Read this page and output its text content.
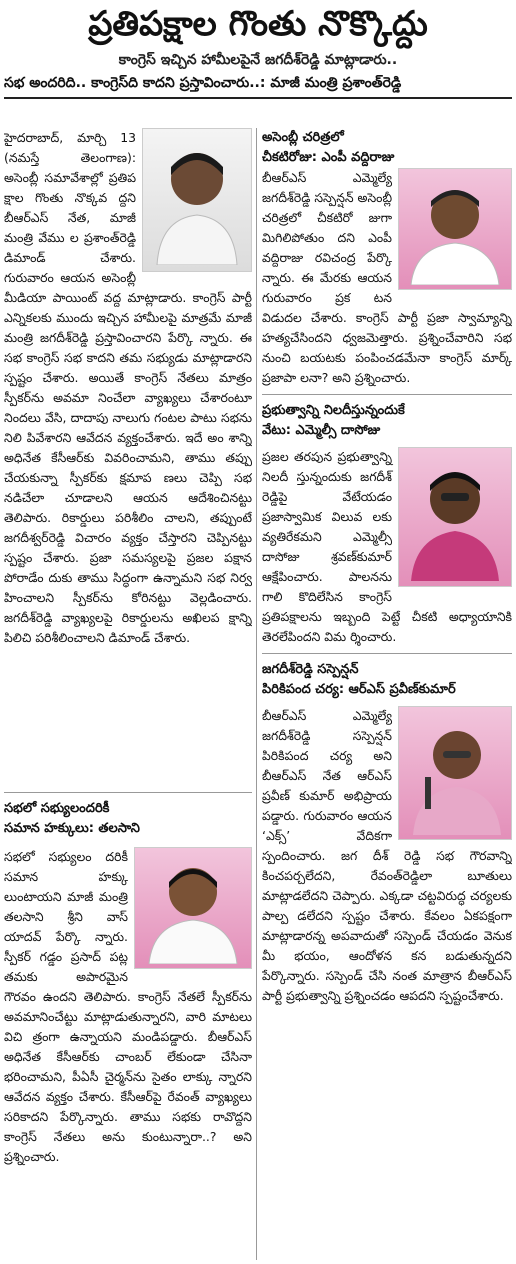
ప్రతిపక్షాల గొంతు నొక్కొద్దు
కాంగ్రెస్ ఇచ్చిన హామీలపైనే జగదీశ్‌రెడ్డి మాట్లాడారు..
సభ అందరిది.. కాంగ్రెస్‌ది కాదని ప్రస్తావించారు..: మాజీ మంత్రి ప్రశాంత్‌రెడ్డి

హైదరాబాద్, మార్చి 13 (నమస్తే తెలంగాణ): అసెంబ్లీ సమావేశాల్లో ప్రతిప క్షాల గొంతు నొక్కవ ద్దని బీఆర్‌ఎస్ నేత, మాజీ మంత్రి వేము ల ప్రశాంత్‌రెడ్డి డిమాండ్ చేశారు. గురువారం ఆయన అసెంబ్లీ మీడియా పాయింట్ వద్ద మాట్లాడారు. కాంగ్రెస్ పార్టీ ఎన్నికలకు ముందు ఇచ్చిన హామీలపై మాత్రమే మాజీ మంత్రి జగదీశ్‌రెడ్డి ప్రస్తావించారని పేర్కొ న్నారు. ఈ సభ కాంగ్రెస్ సభ కాదని తమ సభ్యుడు మాట్లాడారని స్పష్టం చేశారు. అయితే కాంగ్రెస్ నేతలు మాత్రం స్పీకర్‌ను అవమా నించేలా వ్యాఖ్యలు చేశారంటూ నిందలు వేసి, దాదాపు నాలుగు గంటల పాటు సభను నిలి పివేశారని ఆవేదన వ్యక్తంచేశారు. ఇదే అం శాన్ని అధినేత కేసీఆర్‌కు వివరించామని, తాము తప్పు చేయకున్నా స్పీకర్‌కు క్షమాప ణలు చెప్పి సభ నడిచేలా చూడాలని ఆయన ఆదేశించినట్టు తెలిపారు. రికార్డులు పరిశీలిం చాలని, తప్పుంటే జగదీశ్వర్‌రెడ్డి విచారం వ్యక్తం చేస్తారని చెప్పినట్టు స్పష్టం చేశారు. ప్రజా సమస్యలపై ప్రజల పక్షాన పోరాడేం దుకు తాము సిద్ధంగా ఉన్నామని సభ నిర్వ హించాలని స్పీకర్‌ను కోరినట్టు వెల్లడించారు. జగదీశ్‌రెడ్డి వ్యాఖ్యలపై రికార్డులను అఖిలప క్షాన్ని పిలిచి పరిశీలించాలని డిమాండ్ చేశారు.

సభలో సభ్యులందరికీ
సమాన హక్కులు: తలసాని

సభలో సభ్యులం దరికీ సమాన హక్కు లుంటాయని మాజీ మంత్రి తలసాని శ్రీని వాస్ యాదవ్ పేర్కొ న్నారు. స్పీకర్ గడ్డం ప్రసాద్ పట్ల తమకు అపారమైన గౌరవం ఉందని తెలిపారు. కాంగ్రెస్ నేతలే స్పీకర్‌ను అవమానించేట్టు మాట్లాడుతున్నారని, వారి మాటలు విచి త్రంగా ఉన్నాయని మండిపడ్డారు. బీఆర్‌ఎస్ అధినేత కేసీఆర్‌కు చాంబర్ లేకుండా చేసినా భరించామని, పీఏసీ చైర్మన్‌ను సైతం లాక్కు న్నారని ఆవేదన వ్యక్తం చేశారు. కేసీఆర్‌పై రేవంత్ వ్యాఖ్యలు సరికాదని పేర్కొన్నారు. తాము సభకు రావొద్దని కాంగ్రెస్ నేతలు అను కుంటున్నారా..? అని ప్రశ్నించారు.

అసెంబ్లీ చరిత్రలో
చీకటిరోజు: ఎంపీ వద్దిరాజు

బీఆర్‌ఎస్ ఎమ్మెల్యే జగదీశ్‌రెడ్డి సస్పెన్షన్ అసెంబ్లీ చరిత్రలో చీకటిరో జుగా మిగిలిపోతుం దని ఎంపీ వద్దిరాజు రవిచంద్ర పేర్కొ న్నారు. ఈ మేరకు ఆయన గురువారం ప్రక టన విడుదల చేశారు. కాంగ్రెస్ పార్టీ ప్రజా స్వామ్యాన్ని హత్యచేసిందని ధ్వజమెత్తారు. ప్రశ్నించేవారిని సభ నుంచి బయటకు పంపించడమేనా కాంగ్రెస్ మార్క్ ప్రజాపా లనా? అని ప్రశ్నించారు.

ప్రభుత్వాన్ని నిలదీస్తున్నందుకే
వేటు: ఎమ్మెల్సీ దాసోజు

ప్రజల తరపున ప్రభుత్వాన్ని నిలదీ స్తున్నందుకు జగదీశ్ రెడ్డిపై వేటేయడం ప్రజాస్వామిక విలువ లకు వ్యతిరేకమని ఎమ్మెల్సీ దాసోజు శ్రవణ్‌కుమార్ ఆక్షేపించారు. పాలనను గాలి కొదిలేసిన కాంగ్రెస్ ప్రతిపక్షాలను ఇబ్బంది పెట్టే చీకటి అధ్యాయానికి తెరలేపిందని విమ ర్శించారు.

జగదీశ్‌రెడ్డి సస్పెన్షన్
పిరికిపంద చర్య: ఆర్‌ఎస్ ప్రవీణ్‌కుమార్

బీఆర్‌ఎస్ ఎమ్మెల్యే జగదీశ్‌రెడ్డి సస్పెన్షన్ పిరికిపంద చర్య అని బీఆర్‌ఎస్ నేత ఆర్‌ఎస్ ప్రవీణ్ కుమార్ అభిప్రాయ పడ్డారు. గురువారం ఆయన ‘ఎక్స్’ వేదికగా స్పందించారు. జగ దీశ్ రెడ్డి సభ గౌరవాన్ని కించపర్చలేదని, రేవంత్‌రెడ్డిలా బూతులు మాట్లాడలేదని చెప్పారు. ఎక్కడా చట్టవిరుద్ధ చర్యలకు పాల్ప డలేదని స్పష్టం చేశారు. కేవలం ఏకపక్షంగా మాట్లాడారన్న అపవాదుతో సస్పెండ్ చేయడం వెనుక మీ భయం, ఆందోళన కన బడుతున్నదని పేర్కొన్నారు. సస్పెండ్ చేసి నంత మాత్రాన బీఆర్‌ఎస్ పార్టీ ప్రభుత్వాన్ని ప్రశ్నించడం ఆపదని స్పష్టంచేశారు.
